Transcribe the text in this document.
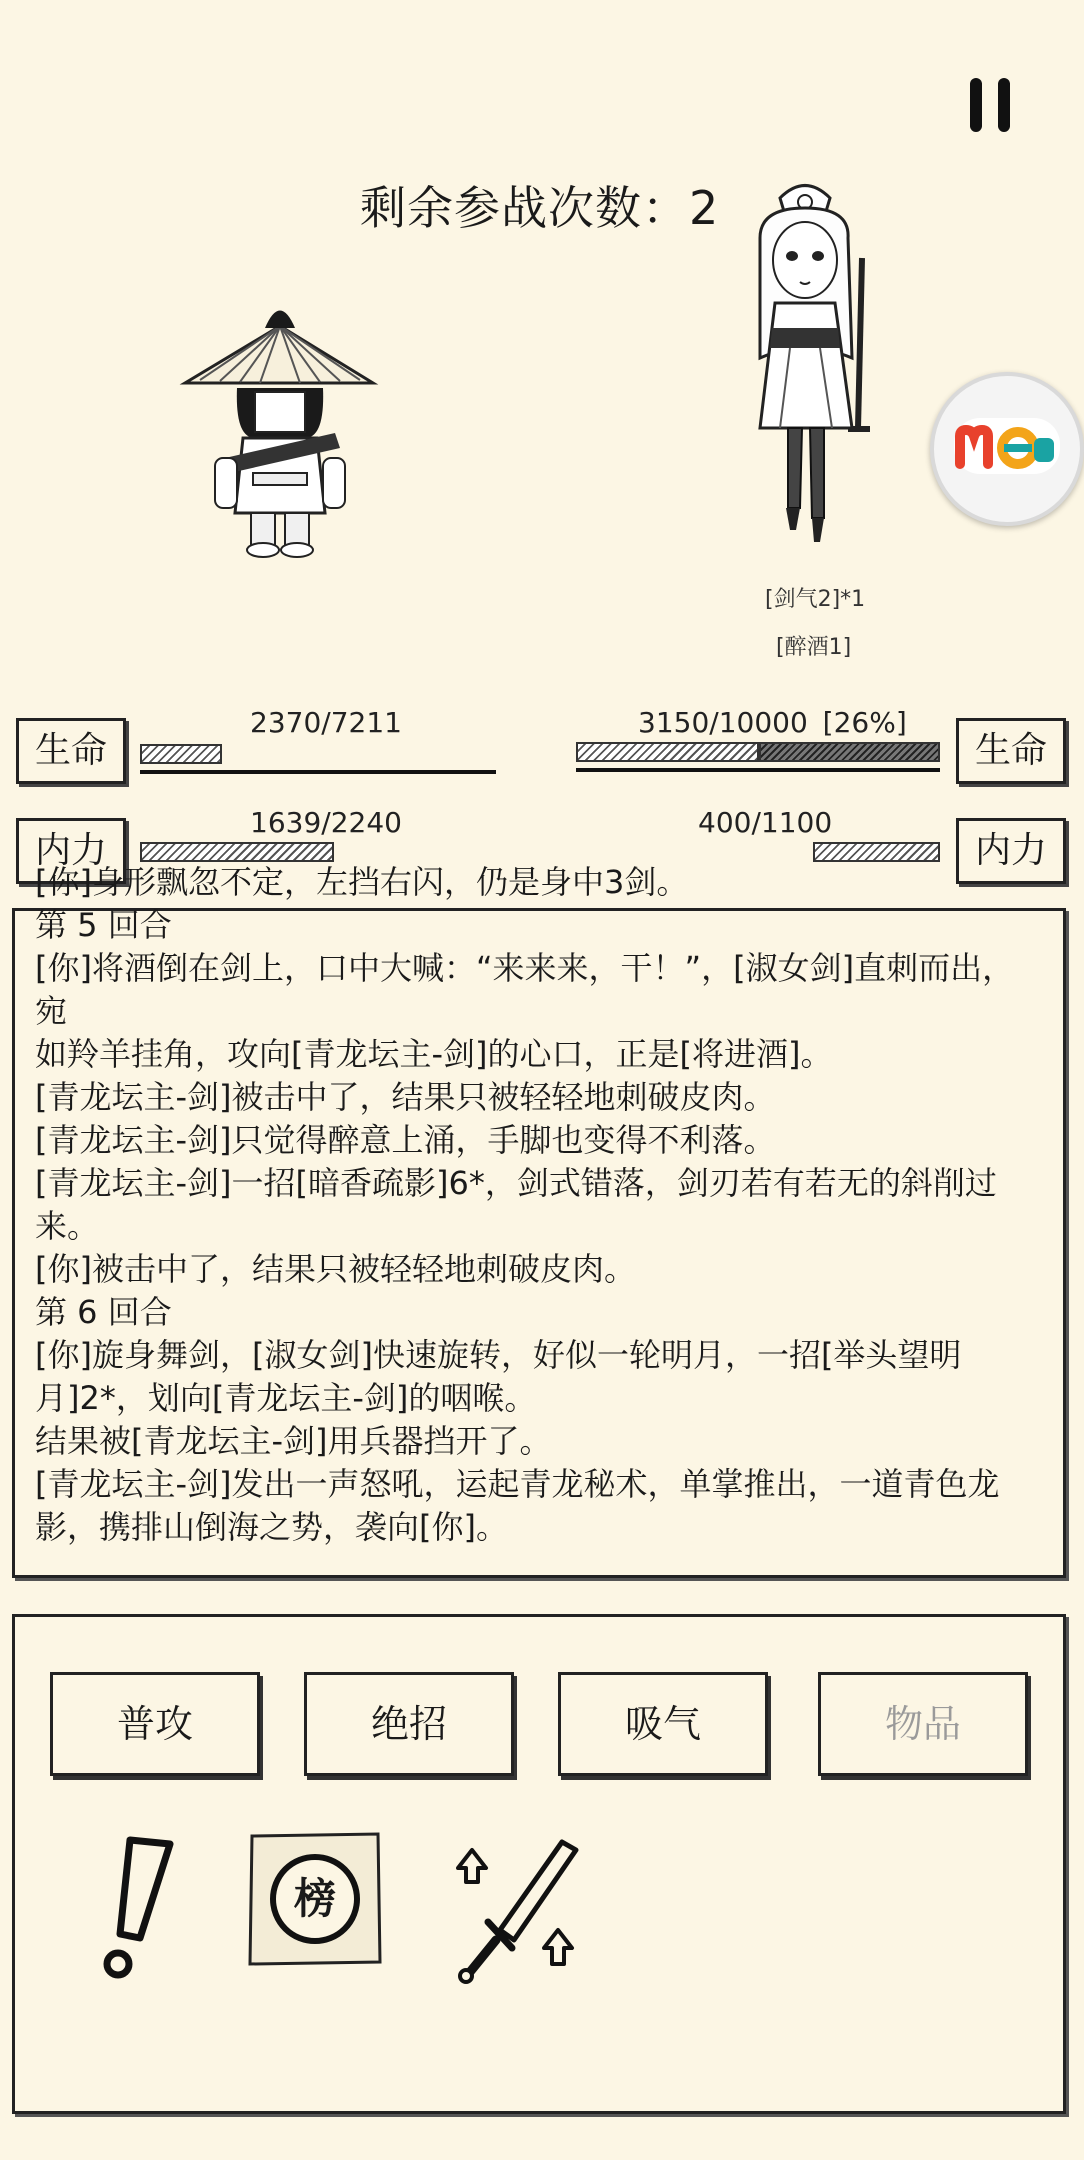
剩余参战次数：2
[剑气2]*1
[醉酒1]
生命
2370/7211
内力
1639/2240
3150/10000 [26%]
生命
400/1100
内力
[你]身形飘忽不定，左挡右闪，仍是身中3剑。
第 5 回合
[你]将酒倒在剑上，口中大喊：“来来来，干！”，[淑女剑]直刺而出，宛
如羚羊挂角，攻向[青龙坛主-剑]的心口，正是[将进酒]。
[青龙坛主-剑]被击中了，结果只被轻轻地刺破皮肉。
[青龙坛主-剑]只觉得醉意上涌，手脚也变得不利落。
[青龙坛主-剑]一招[暗香疏影]6*，剑式错落，剑刃若有若无的斜削过
来。
[你]被击中了，结果只被轻轻地刺破皮肉。
第 6 回合
[你]旋身舞剑，[淑女剑]快速旋转，好似一轮明月，一招[举头望明
月]2*，划向[青龙坛主-剑]的咽喉。
结果被[青龙坛主-剑]用兵器挡开了。
[青龙坛主-剑]发出一声怒吼，运起青龙秘术，单掌推出，一道青色龙
影，携排山倒海之势，袭向[你]。
普攻	绝招	吸气	物品
榜
